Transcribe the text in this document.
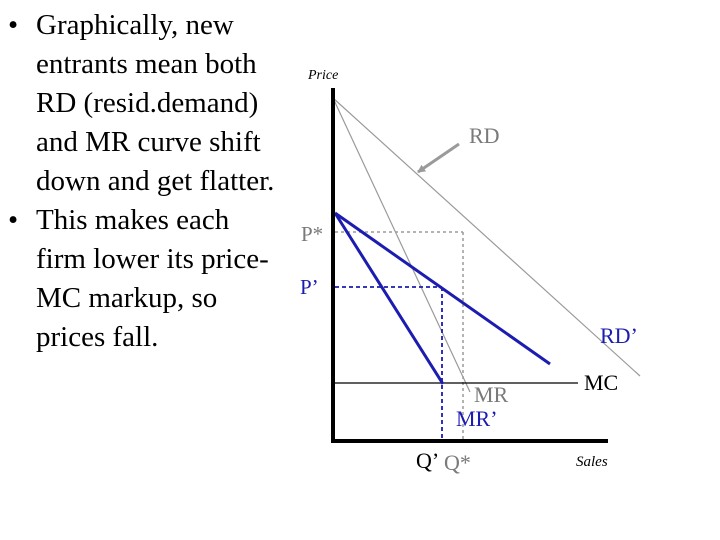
• Graphically, new
entrants mean both
RD (resid.demand)
and MR curve shift
down and get flatter.
• This makes each
firm lower its price-
MC markup, so
prices fall.
Price
Sales
RD
RD’
MR
MR’
MC
P*
P’
Q’ Q*
